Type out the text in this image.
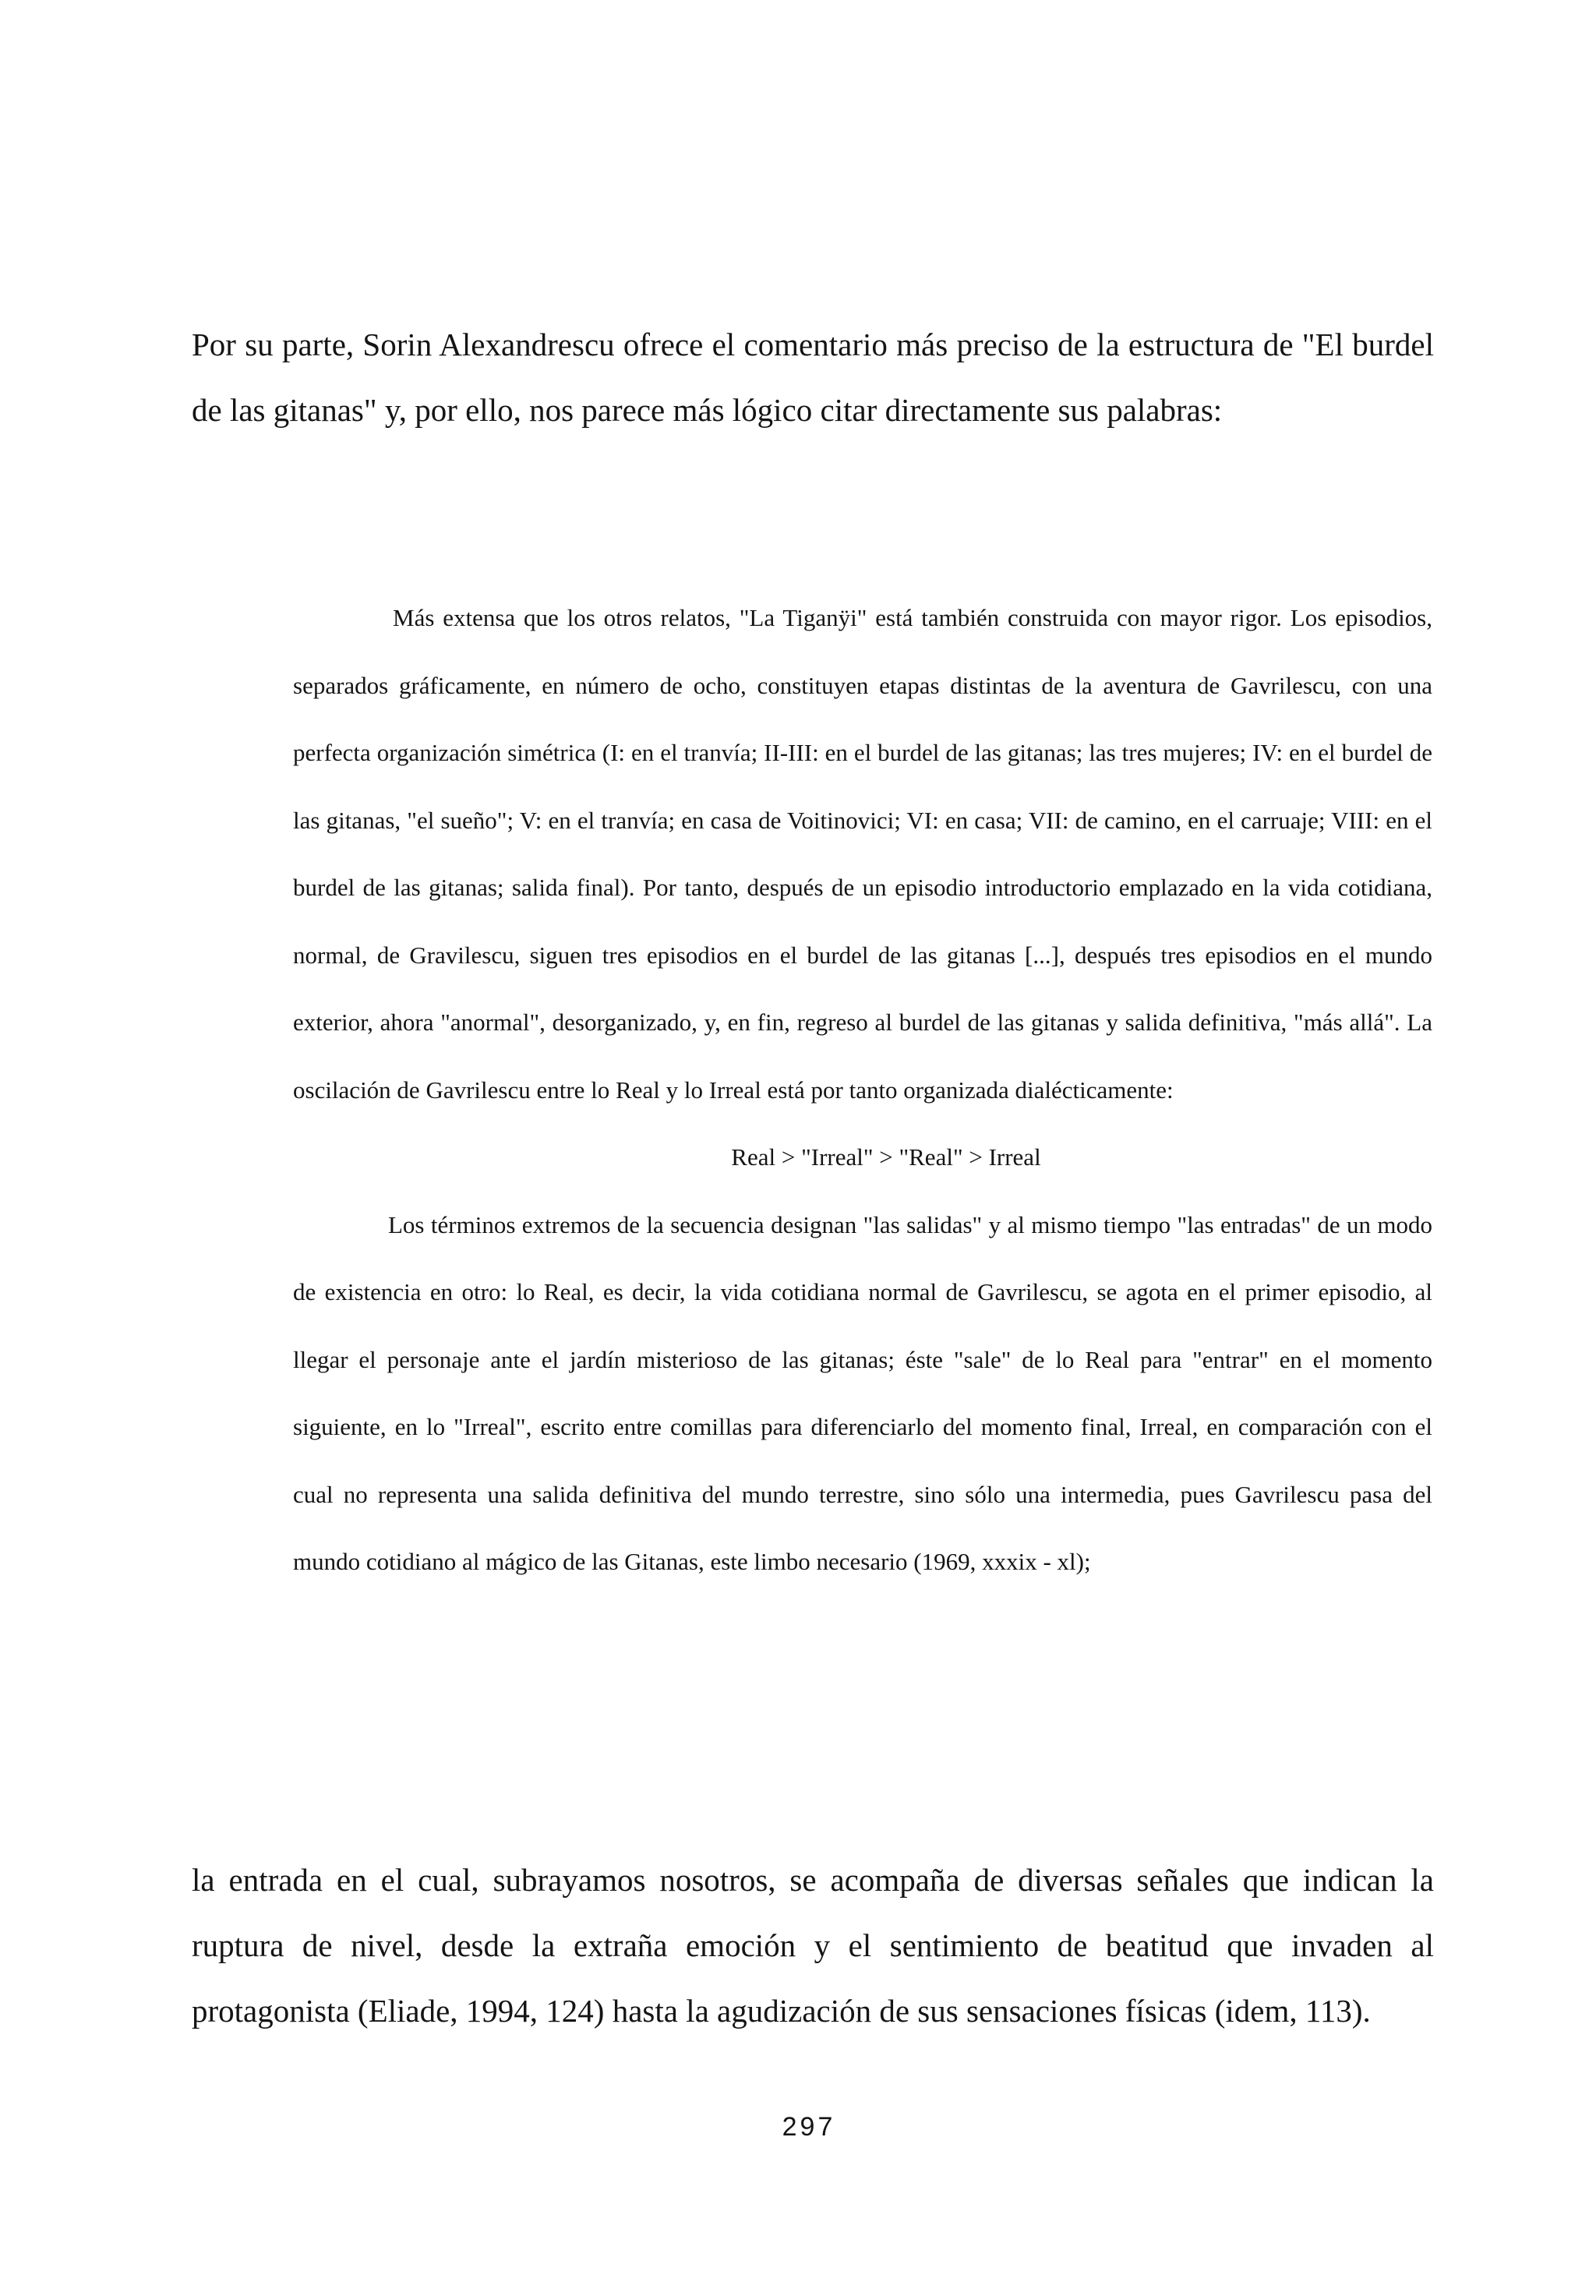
Por su parte, Sorin Alexandrescu ofrece el comentario más preciso de la estructura de "El burdel de las gitanas" y, por ello, nos parece más lógico citar directamente sus palabras:

Más extensa que los otros relatos, "La Tiganÿi" está también construida con mayor rigor. Los episodios, separados gráficamente, en número de ocho, constituyen etapas distintas de la aventura de Gavrilescu, con una perfecta organización simétrica (I: en el tranvía; II-III: en el burdel de las gitanas; las tres mujeres; IV: en el burdel de las gitanas, "el sueño"; V: en el tranvía; en casa de Voitinovici; VI: en casa; VII: de camino, en el carruaje; VIII: en el burdel de las gitanas; salida final). Por tanto, después de un episodio introductorio emplazado en la vida cotidiana, normal, de Gravilescu, siguen tres episodios en el burdel de las gitanas [...], después tres episodios en el mundo exterior, ahora "anormal", desorganizado, y, en fin, regreso al burdel de las gitanas y salida definitiva, "más allá". La oscilación de Gavrilescu entre lo Real y lo Irreal está por tanto organizada dialécticamente:

Real > "Irreal" > "Real" > Irreal

Los términos extremos de la secuencia designan "las salidas" y al mismo tiempo "las entradas" de un modo de existencia en otro: lo Real, es decir, la vida cotidiana normal de Gavrilescu, se agota en el primer episodio, al llegar el personaje ante el jardín misterioso de las gitanas; éste "sale" de lo Real para "entrar" en el momento siguiente, en lo "Irreal", escrito entre comillas para diferenciarlo del momento final, Irreal, en comparación con el cual no representa una salida definitiva del mundo terrestre, sino sólo una intermedia, pues Gavrilescu pasa del mundo cotidiano al mágico de las Gitanas, este limbo necesario (1969, xxxix - xl);

la entrada en el cual, subrayamos nosotros, se acompaña de diversas señales que indican la ruptura de nivel, desde la extraña emoción y el sentimiento de beatitud que invaden al protagonista (Eliade, 1994, 124) hasta la agudización de sus sensaciones físicas (idem, 113).

297
